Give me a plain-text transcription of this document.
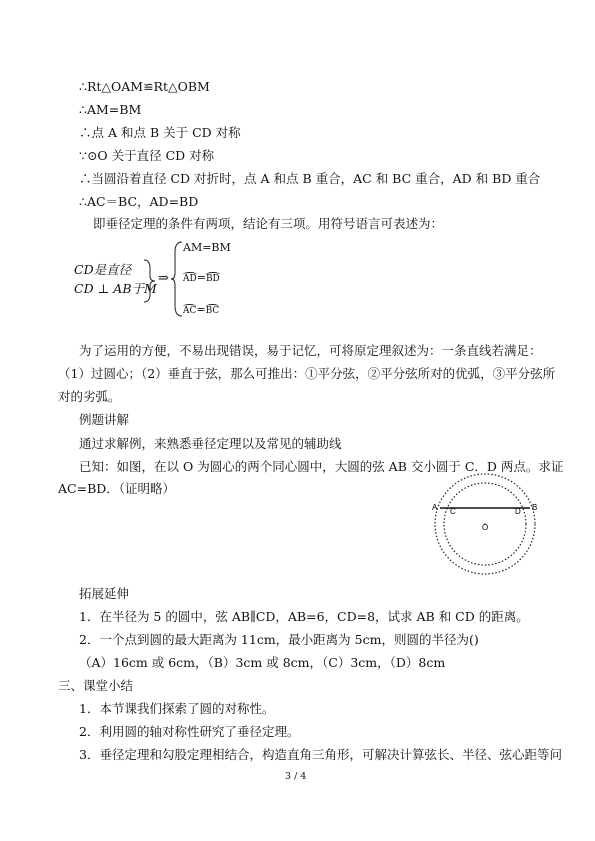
∴Rt△OAM≌Rt△OBM
∴AM=BM
∴点 A 和点 B 关于 CD 对称
∵⊙O 关于直径 CD 对称
∴当圆沿着直径 CD 对折时，点 A 和点 B 重合，AC 和 BC 重合，AD 和 BD 重合
∴AC＝BC，AD=BD
即垂径定理的条件有两项，结论有三项。用符号语言可表述为：
CD是直径
CD ⊥ AB于M
⇒
AM=BM
AD=BD
AC=BC
为了运用的方便，不易出现错误，易于记忆，可将原定理叙述为：一条直线若满足：
（1）过圆心；（2）垂直于弦，那么可推出：①平分弦，②平分弦所对的优弧，③平分弦所
对的劣弧。
例题讲解
通过求解例，来熟悉垂径定理以及常见的辅助线
已知：如图，在以 O 为圆心的两个同心圆中，大圆的弦 AB 交小圆于 C．D 两点。求证
AC=BD．（证明略）
A C
O
D B
拓展延伸
1．在半径为 5 的圆中，弦 AB∥CD，AB=6，CD=8，试求 AB 和 CD 的距离。
2．一个点到圆的最大距离为 11cm，最小距离为 5cm，则圆的半径为()
（A）16cm 或 6cm，（B）3cm 或 8cm，（C）3cm，（D）8cm
三、课堂小结
1．本节课我们探索了圆的对称性。
2．利用圆的轴对称性研究了垂径定理。
3．垂径定理和勾股定理相结合，构造直角三角形，可解决计算弦长、半径、弦心距等问
3 / 4
